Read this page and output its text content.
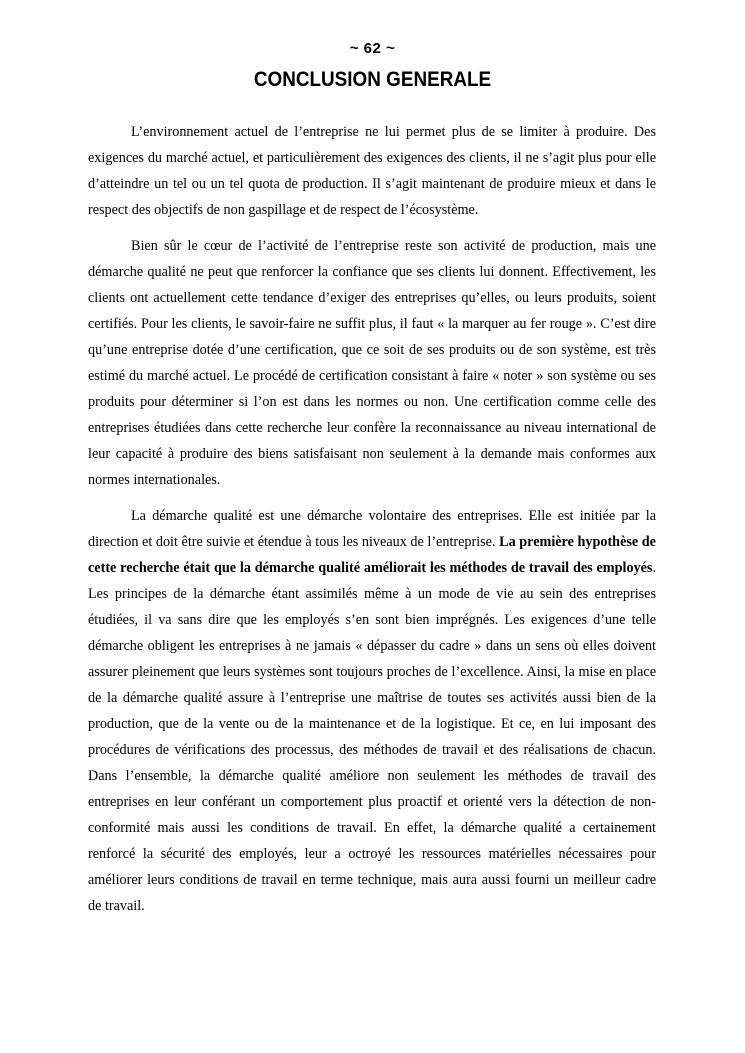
~ 62 ~
CONCLUSION GENERALE

L’environnement actuel de l’entreprise ne lui permet plus de se limiter à produire. Des exigences du marché actuel, et particulièrement des exigences des clients, il ne s’agit plus pour elle d’atteindre un tel ou un tel quota de production. Il s’agit maintenant de produire mieux et dans le respect des objectifs de non gaspillage et de respect de l’écosystème.

Bien sûr le cœur de l’activité de l’entreprise reste son activité de production, mais une démarche qualité ne peut que renforcer la confiance que ses clients lui donnent. Effectivement, les clients ont actuellement cette tendance d’exiger des entreprises qu’elles, ou leurs produits, soient certifiés. Pour les clients, le savoir-faire ne suffit plus, il faut « la marquer au fer rouge ». C’est dire qu’une entreprise dotée d’une certification, que ce soit de ses produits ou de son système, est très estimé du marché actuel. Le procédé de certification consistant à faire « noter » son système ou ses produits pour déterminer si l’on est dans les normes ou non. Une certification comme celle des entreprises étudiées dans cette recherche leur confère la reconnaissance au niveau international de leur capacité à produire des biens satisfaisant non seulement à la demande mais conformes aux normes internationales.

La démarche qualité est une démarche volontaire des entreprises. Elle est initiée par la direction et doit être suivie et étendue à tous les niveaux de l’entreprise. La première hypothèse de cette recherche était que la démarche qualité améliorait les méthodes de travail des employés. Les principes de la démarche étant assimilés même à un mode de vie au sein des entreprises étudiées, il va sans dire que les employés s’en sont bien imprégnés. Les exigences d’une telle démarche obligent les entreprises à ne jamais « dépasser du cadre » dans un sens où elles doivent assurer pleinement que leurs systèmes sont toujours proches de l’excellence. Ainsi, la mise en place de la démarche qualité assure à l’entreprise une maîtrise de toutes ses activités aussi bien de la production, que de la vente ou de la maintenance et de la logistique. Et ce, en lui imposant des procédures de vérifications des processus, des méthodes de travail et des réalisations de chacun. Dans l’ensemble, la démarche qualité améliore non seulement les méthodes de travail des entreprises en leur conférant un comportement plus proactif et orienté vers la détection de non-conformité mais aussi les conditions de travail. En effet, la démarche qualité a certainement renforcé la sécurité des employés, leur a octroyé les ressources matérielles nécessaires pour améliorer leurs conditions de travail en terme technique, mais aura aussi fourni un meilleur cadre de travail.
